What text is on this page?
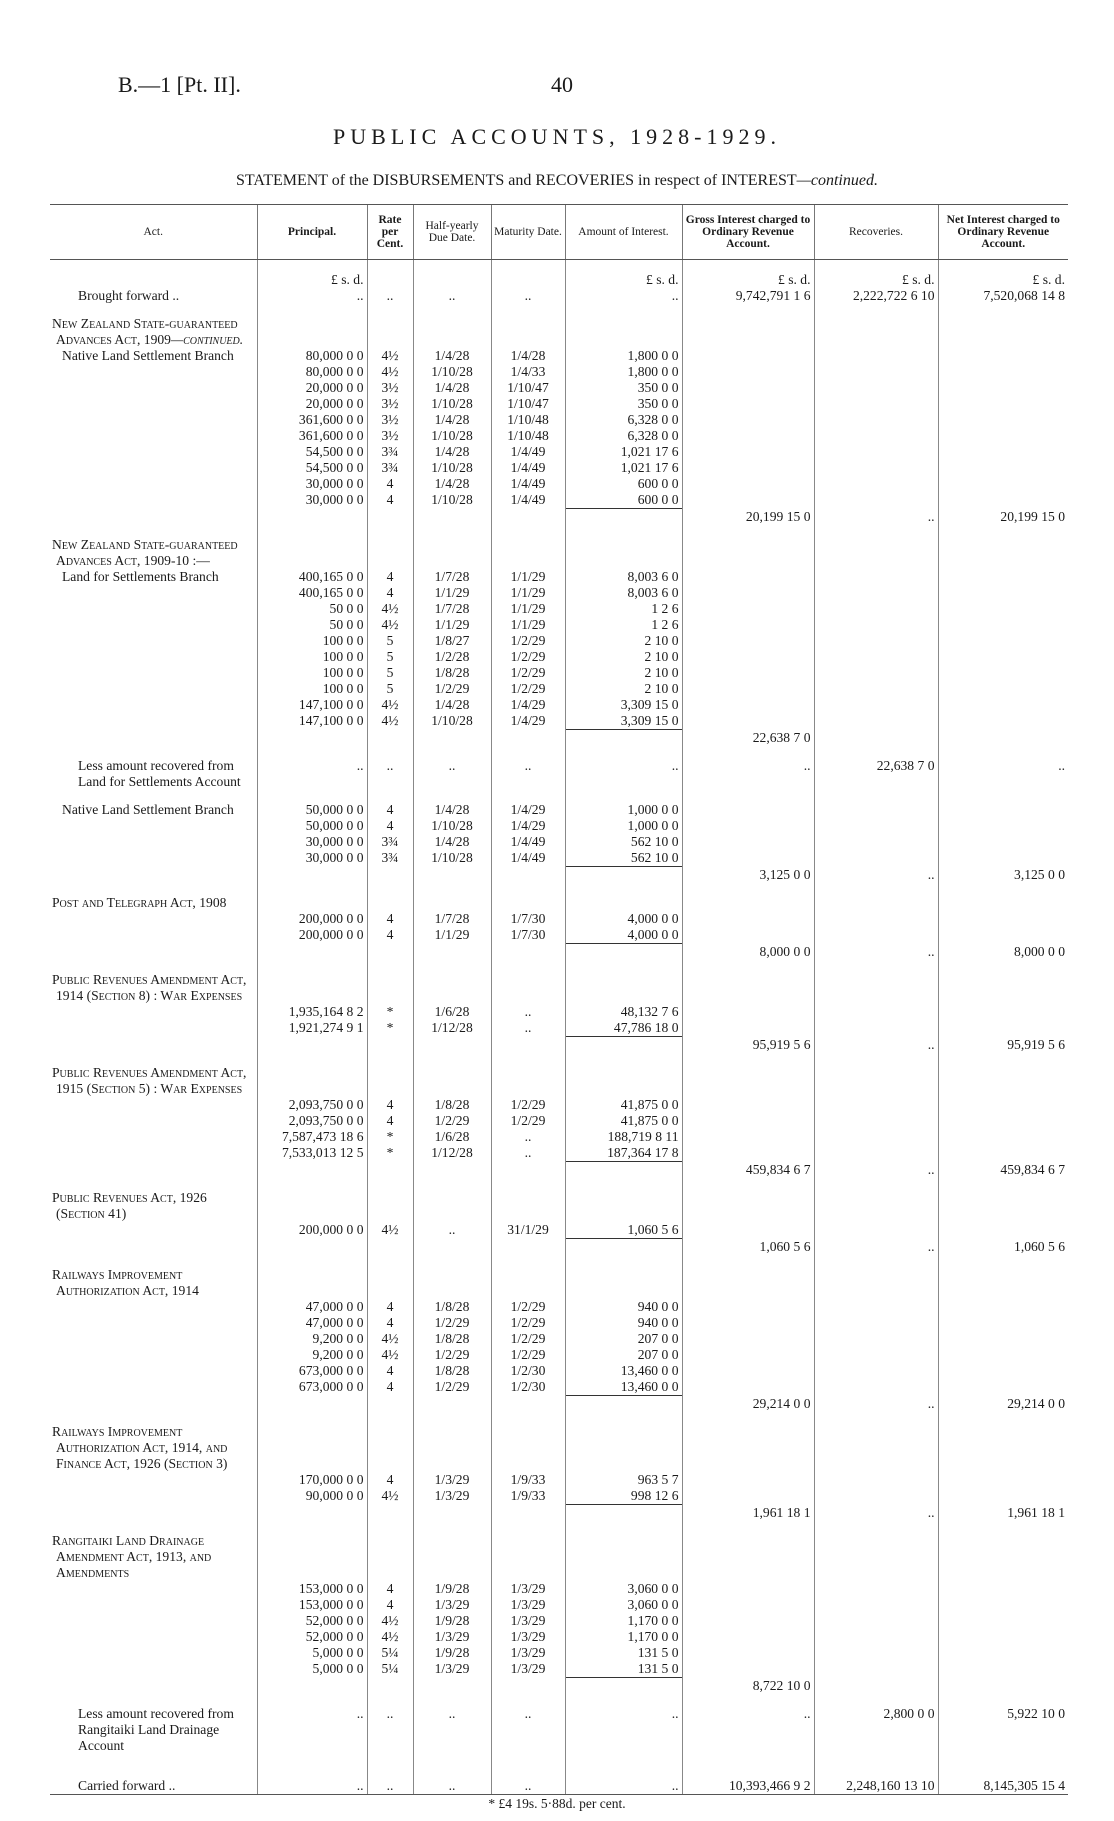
B.—1 [Pt. II].	40
PUBLIC ACCOUNTS, 1928-1929.
STATEMENT of the DISBURSEMENTS and RECOVERIES in respect of INTEREST—continued.
Act.	Principal.	Rate per Cent.	Half-yearly Due Date.	Maturity Date.	Amount of Interest.	Gross Interest charged to Ordinary Revenue Account.	Recoveries.	Net Interest charged to Ordinary Revenue Account.

	£ s. d.				£ s. d.	£ s. d.	£ s. d.	£ s. d.
Brought forward ..	..	..	..	..	..	9,742,791 1 6	2,222,722 6 10	7,520,068 14 8

New Zealand State-guaranteed Advances Act, 1909—continued.								
Native Land Settlement Branch	80,000 0 0	4½	1/4/28	1/4/28	1,800 0 0			
	80,000 0 0	4½	1/10/28	1/4/33	1,800 0 0			
	20,000 0 0	3½	1/4/28	1/10/47	350 0 0			
	20,000 0 0	3½	1/10/28	1/10/47	350 0 0			
	361,600 0 0	3½	1/4/28	1/10/48	6,328 0 0			
	361,600 0 0	3½	1/10/28	1/10/48	6,328 0 0			
	54,500 0 0	3¾	1/4/28	1/4/49	1,021 17 6			
	54,500 0 0	3¾	1/10/28	1/4/49	1,021 17 6			
	30,000 0 0	4	1/4/28	1/4/49	600 0 0			
	30,000 0 0	4	1/10/28	1/4/49	600 0 0			
						20,199 15 0	..	20,199 15 0

New Zealand State-guaranteed Advances Act, 1909-10 :—								
Land for Settlements Branch	400,165 0 0	4	1/7/28	1/1/29	8,003 6 0			
	400,165 0 0	4	1/1/29	1/1/29	8,003 6 0			
	50 0 0	4½	1/7/28	1/1/29	1 2 6			
	50 0 0	4½	1/1/29	1/1/29	1 2 6			
	100 0 0	5	1/8/27	1/2/29	2 10 0			
	100 0 0	5	1/2/28	1/2/29	2 10 0			
	100 0 0	5	1/8/28	1/2/29	2 10 0			
	100 0 0	5	1/2/29	1/2/29	2 10 0			
	147,100 0 0	4½	1/4/28	1/4/29	3,309 15 0			
	147,100 0 0	4½	1/10/28	1/4/29	3,309 15 0			
						22,638 7 0		

Less amount recovered from Land for Settlements Account	..	..	..	..	..	..	22,638 7 0	..

Native Land Settlement Branch	50,000 0 0	4	1/4/28	1/4/29	1,000 0 0			
	50,000 0 0	4	1/10/28	1/4/29	1,000 0 0			
	30,000 0 0	3¾	1/4/28	1/4/49	562 10 0			
	30,000 0 0	3¾	1/10/28	1/4/49	562 10 0			
						3,125 0 0	..	3,125 0 0

Post and Telegraph Act, 1908								
	200,000 0 0	4	1/7/28	1/7/30	4,000 0 0			
	200,000 0 0	4	1/1/29	1/7/30	4,000 0 0			
						8,000 0 0	..	8,000 0 0

Public Revenues Amendment Act, 1914 (Section 8) : War Expenses								
	1,935,164 8 2	*	1/6/28	..	48,132 7 6			
	1,921,274 9 1	*	1/12/28	..	47,786 18 0			
						95,919 5 6	..	95,919 5 6

Public Revenues Amendment Act, 1915 (Section 5) : War Expenses								
	2,093,750 0 0	4	1/8/28	1/2/29	41,875 0 0			
	2,093,750 0 0	4	1/2/29	1/2/29	41,875 0 0			
	7,587,473 18 6	*	1/6/28	..	188,719 8 11			
	7,533,013 12 5	*	1/12/28	..	187,364 17 8			
						459,834 6 7	..	459,834 6 7

Public Revenues Act, 1926 (Section 41)								
	200,000 0 0	4½	..	31/1/29	1,060 5 6			
						1,060 5 6	..	1,060 5 6

Railways Improvement Authorization Act, 1914								
	47,000 0 0	4	1/8/28	1/2/29	940 0 0			
	47,000 0 0	4	1/2/29	1/2/29	940 0 0			
	9,200 0 0	4½	1/8/28	1/2/29	207 0 0			
	9,200 0 0	4½	1/2/29	1/2/29	207 0 0			
	673,000 0 0	4	1/8/28	1/2/30	13,460 0 0			
	673,000 0 0	4	1/2/29	1/2/30	13,460 0 0			
						29,214 0 0	..	29,214 0 0

Railways Improvement Authorization Act, 1914, and Finance Act, 1926 (Section 3)								
	170,000 0 0	4	1/3/29	1/9/33	963 5 7			
	90,000 0 0	4½	1/3/29	1/9/33	998 12 6			
						1,961 18 1	..	1,961 18 1

Rangitaiki Land Drainage Amendment Act, 1913, and Amendments								
	153,000 0 0	4	1/9/28	1/3/29	3,060 0 0			
	153,000 0 0	4	1/3/29	1/3/29	3,060 0 0			
	52,000 0 0	4½	1/9/28	1/3/29	1,170 0 0			
	52,000 0 0	4½	1/3/29	1/3/29	1,170 0 0			
	5,000 0 0	5¼	1/9/28	1/3/29	131 5 0			
	5,000 0 0	5¼	1/3/29	1/3/29	131 5 0			
						8,722 10 0		

Less amount recovered from Rangitaiki Land Drainage Account	..	..	..	..	..	..	2,800 0 0	5,922 10 0

Carried forward ..	..	..	..	..	..	10,393,466 9 2	2,248,160 13 10	8,145,305 15 4
* £4 19s. 5·88d. per cent.
